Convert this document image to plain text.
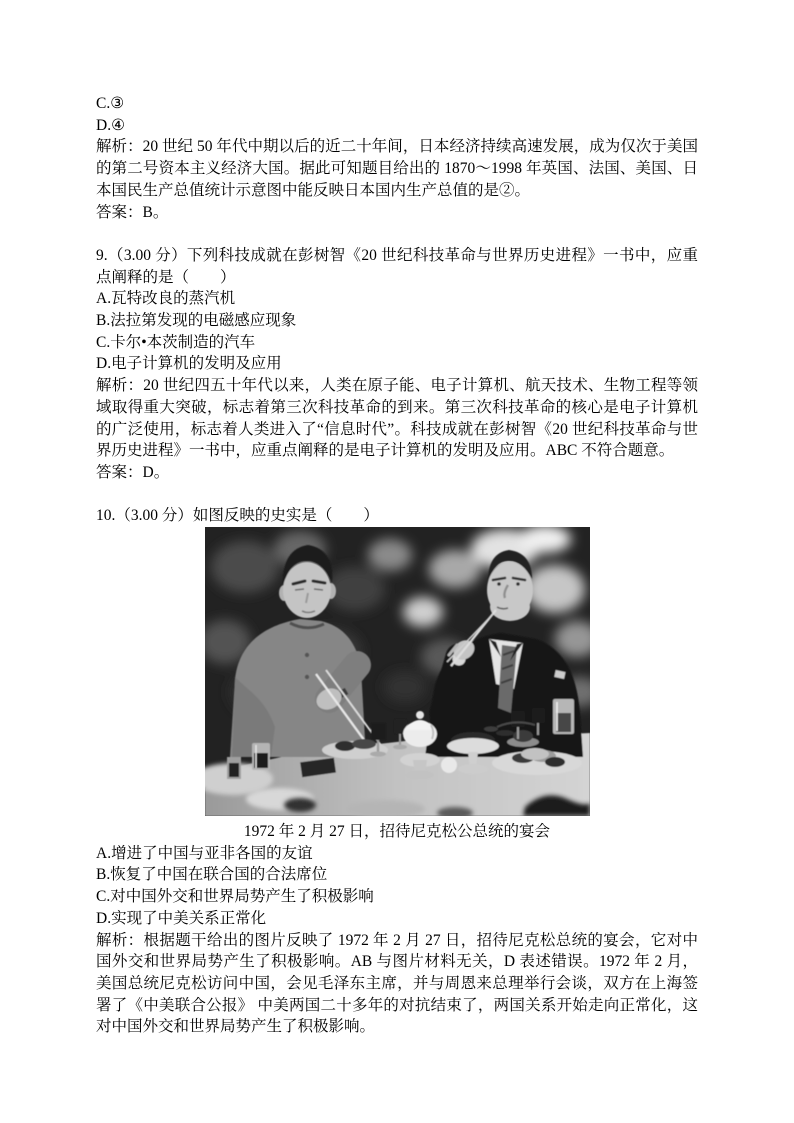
C.③
D.④
解析：20 世纪 50 年代中期以后的近二十年间，日本经济持续高速发展，成为仅次于美国的第二号资本主义经济大国。据此可知题目给出的 1870～1998 年英国、法国、美国、日本国民生产总值统计示意图中能反映日本国内生产总值的是②。
答案：B。
9.（3.00 分）下列科技成就在彭树智《20 世纪科技革命与世界历史进程》一书中，应重点阐释的是（　　）
A.瓦特改良的蒸汽机
B.法拉第发现的电磁感应现象
C.卡尔•本茨制造的汽车
D.电子计算机的发明及应用
解析：20 世纪四五十年代以来，人类在原子能、电子计算机、航天技术、生物工程等领域取得重大突破，标志着第三次科技革命的到来。第三次科技革命的核心是电子计算机的广泛使用，标志着人类进入了“信息时代”。科技成就在彭树智《20 世纪科技革命与世界历史进程》一书中，应重点阐释的是电子计算机的发明及应用。ABC 不符合题意。
答案：D。
10.（3.00 分）如图反映的史实是（　　）
1972 年 2 月 27 日，招待尼克松公总统的宴会
A.增进了中国与亚非各国的友谊
B.恢复了中国在联合国的合法席位
C.对中国外交和世界局势产生了积极影响
D.实现了中美关系正常化
解析：根据题干给出的图片反映了 1972 年 2 月 27 日，招待尼克松总统的宴会，它对中国外交和世界局势产生了积极影响。AB 与图片材料无关，D 表述错误。1972 年 2 月，美国总统尼克松访问中国，会见毛泽东主席，并与周恩来总理举行会谈，双方在上海签署了《中美联合公报》 中美两国二十多年的对抗结束了，两国关系开始走向正常化，这对中国外交和世界局势产生了积极影响。
